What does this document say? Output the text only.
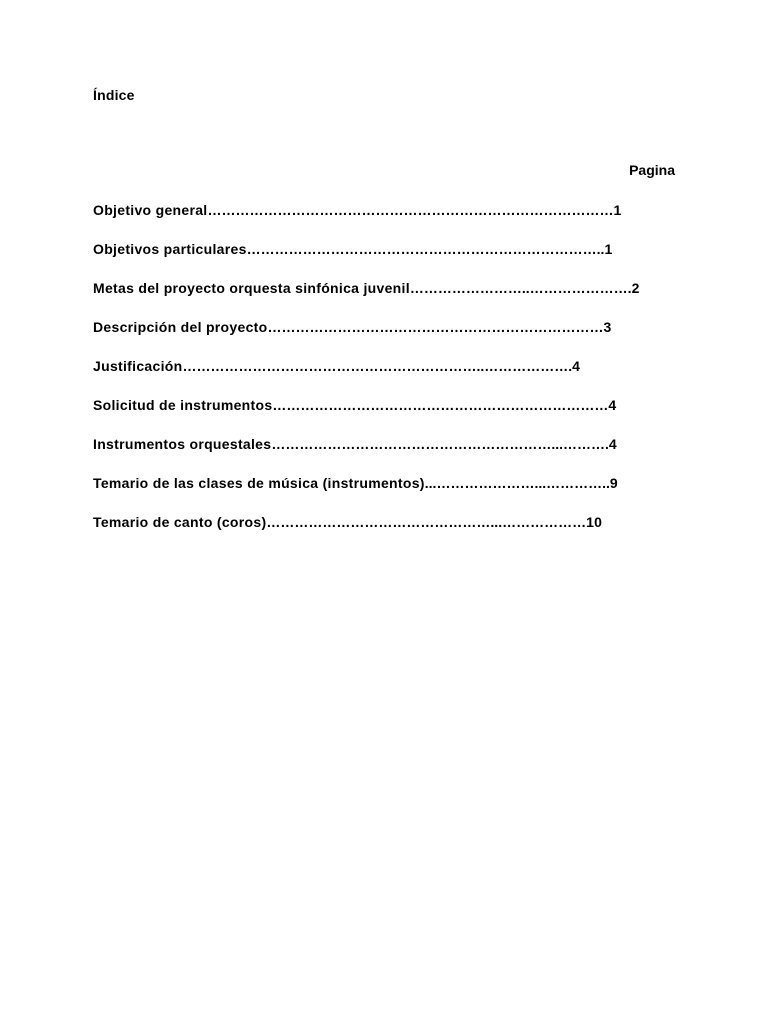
Índice
Pagina
Objetivo general……………………………………………………………………………1
Objetivos particulares…………………………………………………………………..1
Metas del proyecto orquesta sinfónica juvenil……………………..………………….2
Descripción del proyecto………………………………………………………………3
Justificación………………………………………………………..……………….4
Solicitud de instrumentos………………………………………………………………4
Instrumentos orquestales……………………………………………………...……….4
Temario de las clases de música (instrumentos)...…………………...…………..9
Temario de canto (coros)…………………………………………...………………10
